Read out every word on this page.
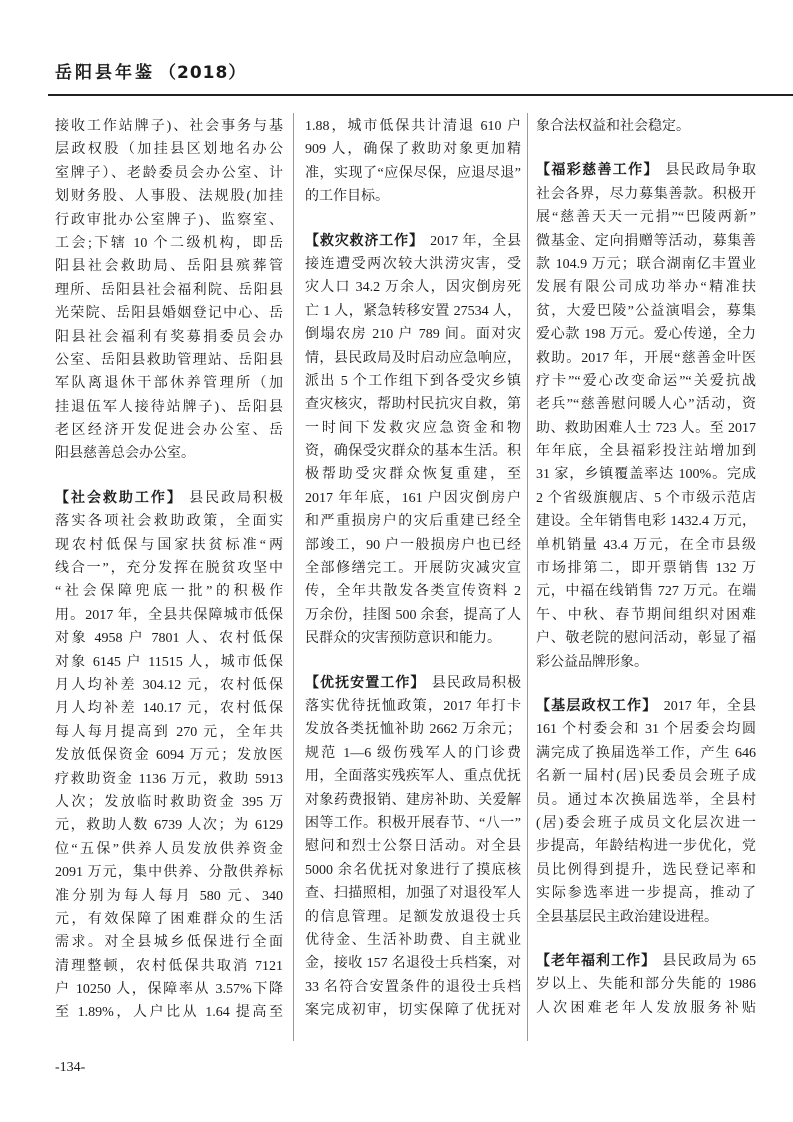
岳阳县年鉴 （2018）
接收工作站牌子)、社会事务与基
层政权股（加挂县区划地名办公
室牌子）、老龄委员会办公室、计
划财务股、人事股、法规股(加挂
行政审批办公室牌子)、监察室、
工会;下辖 10 个二级机构，即岳
阳县社会救助局、岳阳县殡葬管
理所、岳阳县社会福利院、岳阳县
光荣院、岳阳县婚姻登记中心、岳
阳县社会福利有奖募捐委员会办
公室、岳阳县救助管理站、岳阳县
军队离退休干部休养管理所（加
挂退伍军人接待站牌子)、岳阳县
老区经济开发促进会办公室、岳
阳县慈善总会办公室。
【社会救助工作】 县民政局积极
落实各项社会救助政策，全面实
现农村低保与国家扶贫标准“两
线合一”，充分发挥在脱贫攻坚中
“社会保障兜底一批”的积极作
用。2017 年，全县共保障城市低保
对象 4958 户 7801 人、农村低保
对象 6145 户 11515 人，城市低保
月人均补差 304.12 元，农村低保
月人均补差 140.17 元，农村低保
每人每月提高到 270 元，全年共
发放低保资金 6094 万元；发放医
疗救助资金 1136 万元，救助 5913
人次；发放临时救助资金 395 万
元，救助人数 6739 人次；为 6129
位“五保”供养人员发放供养资金
2091 万元，集中供养、分散供养标
准分别为每人每月 580 元、340
元，有效保障了困难群众的生活
需求。对全县城乡低保进行全面
清理整顿，农村低保共取消 7121
户 10250 人，保障率从 3.57%下降
至 1.89%，人户比从 1.64 提高至
1.88，城市低保共计清退 610 户
909 人，确保了救助对象更加精
准，实现了“应保尽保，应退尽退”
的工作目标。
【救灾救济工作】 2017 年，全县
接连遭受两次较大洪涝灾害，受
灾人口 34.2 万余人，因灾倒房死
亡 1 人，紧急转移安置 27534 人，
倒塌农房 210 户 789 间。面对灾
情，县民政局及时启动应急响应，
派出 5 个工作组下到各受灾乡镇
查灾核灾，帮助村民抗灾自救，第
一时间下发救灾应急资金和物
资，确保受灾群众的基本生活。积
极帮助受灾群众恢复重建，至
2017 年年底，161 户因灾倒房户
和严重损房户的灾后重建已经全
部竣工，90 户一般损房户也已经
全部修缮完工。开展防灾减灾宣
传，全年共散发各类宣传资料 2
万余份，挂图 500 余套，提高了人
民群众的灾害预防意识和能力。
【优抚安置工作】 县民政局积极
落实优待抚恤政策，2017 年打卡
发放各类抚恤补助 2662 万余元；
规范 1—6 级伤残军人的门诊费
用，全面落实残疾军人、重点优抚
对象药费报销、建房补助、关爱解
困等工作。积极开展春节、“八一”
慰问和烈士公祭日活动。对全县
5000 余名优抚对象进行了摸底核
查、扫描照相，加强了对退役军人
的信息管理。足额发放退役士兵
优待金、生活补助费、自主就业
金，接收 157 名退役士兵档案，对
33 名符合安置条件的退役士兵档
案完成初审，切实保障了优抚对
象合法权益和社会稳定。
【福彩慈善工作】 县民政局争取
社会各界，尽力募集善款。积极开
展“慈善天天一元捐”“巴陵两新”
微基金、定向捐赠等活动，募集善
款 104.9 万元；联合湖南亿丰置业
发展有限公司成功举办“精准扶
贫，大爱巴陵”公益演唱会，募集
爱心款 198 万元。爱心传递，全力
救助。2017 年，开展“慈善金叶医
疗卡”“爱心改变命运”“关爱抗战
老兵”“慈善慰问暖人心”活动，资
助、救助困难人士 723 人。至 2017
年年底，全县福彩投注站增加到
31 家，乡镇覆盖率达 100%。完成
2 个省级旗舰店、5 个市级示范店
建设。全年销售电彩 1432.4 万元，
单机销量 43.4 万元，在全市县级
市场排第二，即开票销售 132 万
元，中福在线销售 727 万元。在端
午、中秋、春节期间组织对困难
户、敬老院的慰问活动，彰显了福
彩公益品牌形象。
【基层政权工作】 2017 年，全县
161 个村委会和 31 个居委会均圆
满完成了换届选举工作，产生 646
名新一届村(居)民委员会班子成
员。通过本次换届选举，全县村
(居)委会班子成员文化层次进一
步提高，年龄结构进一步优化，党
员比例得到提升，选民登记率和
实际参选率进一步提高，推动了
全县基层民主政治建设进程。
【老年福利工作】 县民政局为 65
岁以上、失能和部分失能的 1986
人次困难老年人发放服务补贴
-134-
